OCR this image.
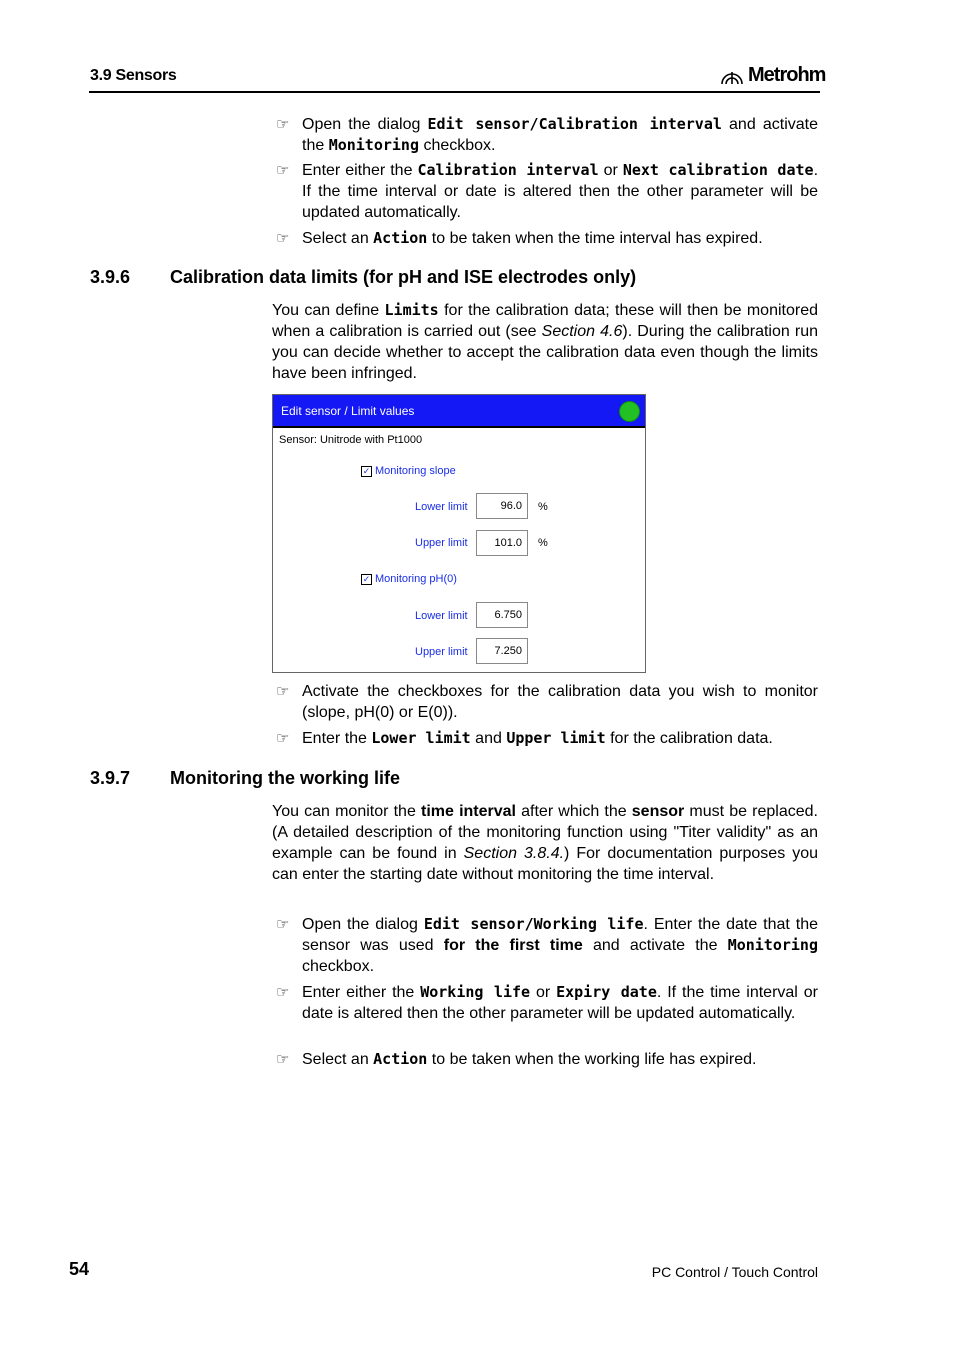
3.9 Sensors	Metrohm
☞ Open the dialog Edit sensor/Calibration interval and activate the Monitoring checkbox.
☞ Enter either the Calibration interval or Next calibration date. If the time interval or date is altered then the other parameter will be updated automatically.
☞ Select an Action to be taken when the time interval has expired.
3.9.6	Calibration data limits (for pH and ISE electrodes only)
You can define Limits for the calibration data; these will then be monitored when a calibration is carried out (see Section 4.6). During the calibration run you can decide whether to accept the calibration data even though the limits have been infringed.
Edit sensor / Limit values
Sensor: Unitrode with Pt1000
✓ Monitoring slope
Lower limit	96.0	%
Upper limit	101.0	%
✓ Monitoring pH(0)
Lower limit	6.750
Upper limit	7.250
☞ Activate the checkboxes for the calibration data you wish to monitor (slope, pH(0) or E(0)).
☞ Enter the Lower limit and Upper limit for the calibration data.
3.9.7	Monitoring the working life
You can monitor the time interval after which the sensor must be replaced. (A detailed description of the monitoring function using "Titer validity" as an example can be found in Section 3.8.4.) For documentation purposes you can enter the starting date without monitoring the time interval.
☞ Open the dialog Edit sensor/Working life. Enter the date that the sensor was used for the first time and activate the Monitoring checkbox.
☞ Enter either the Working life or Expiry date. If the time interval or date is altered then the other parameter will be updated automatically.
☞ Select an Action to be taken when the working life has expired.
54	PC Control / Touch Control
